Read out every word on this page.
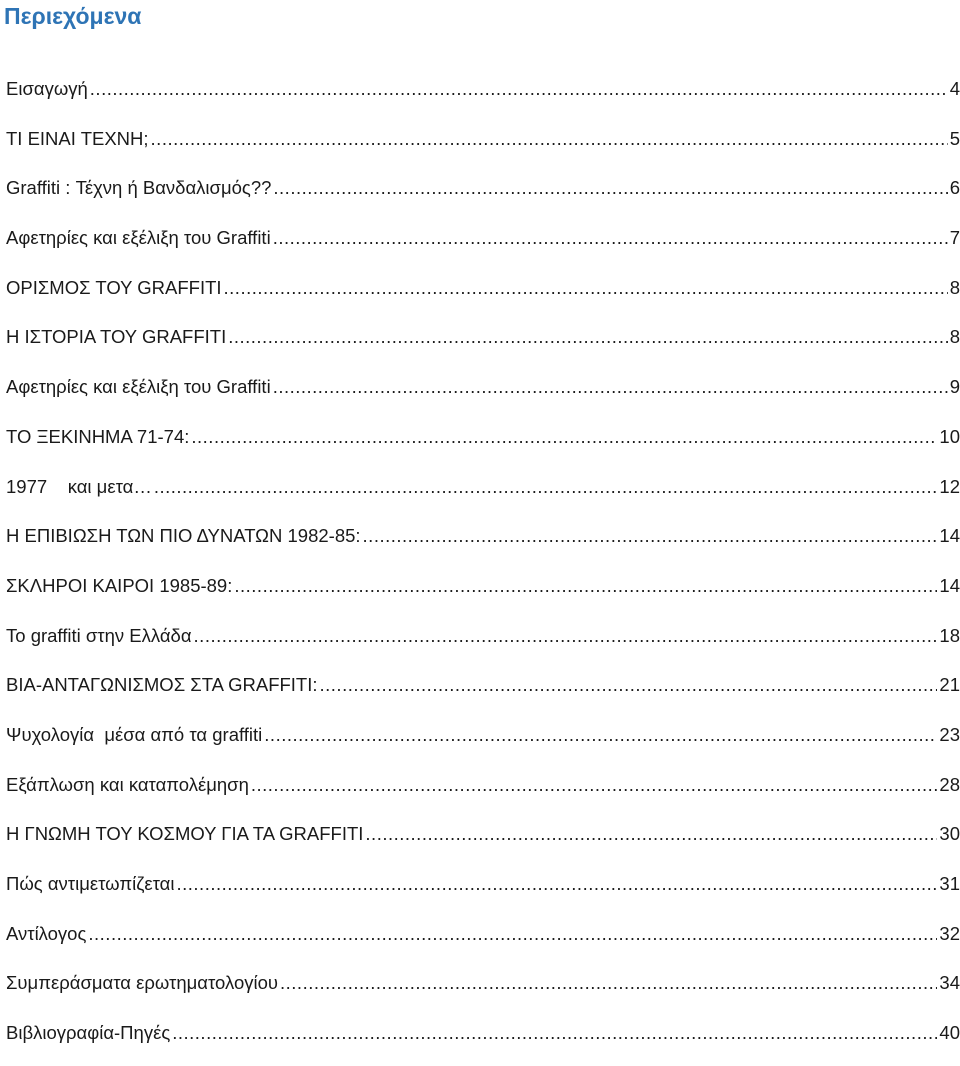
Περιεχόμενα
Εισαγωγή .....	4
ΤΙ ΕΙΝΑΙ ΤΕΧΝΗ; .....	5
Graffiti : Τέχνη ή Βανδαλισμός?? .....	6
Αφετηρίες και εξέλιξη του Graffiti .....	7
ΟΡΙΣΜΟΣ ΤΟΥ GRAFFITI .....	8
Η ΙΣΤΟΡΙΑ ΤΟΥ GRAFFITI .....	8
Αφετηρίες και εξέλιξη του Graffiti .....	9
ΤΟ ΞΕΚΙΝΗΜΑ 71-74: .....	10
1977    και μετα… .....	12
Η ΕΠΙΒΙΩΣΗ ΤΩΝ ΠΙΟ ΔΥΝΑΤΩΝ 1982-85: .....	14
ΣΚΛΗΡΟΙ ΚΑΙΡΟΙ 1985-89: .....	14
Το graffiti στην Ελλάδα .....	18
ΒΙΑ-ΑΝΤΑΓΩΝΙΣΜΟΣ ΣΤΑ GRAFFITI: .....	21
Ψυχολογία  μέσα από τα graffiti .....	23
Εξάπλωση και καταπολέμηση .....	28
Η ΓΝΩΜΗ ΤΟΥ ΚΟΣΜΟΥ ΓΙΑ ΤΑ GRAFFITI .....	30
Πώς αντιμετωπίζεται .....	31
Αντίλογος .....	32
Συμπεράσματα ερωτηματολογίου .....	34
Βιβλιογραφία-Πηγές .....	40
